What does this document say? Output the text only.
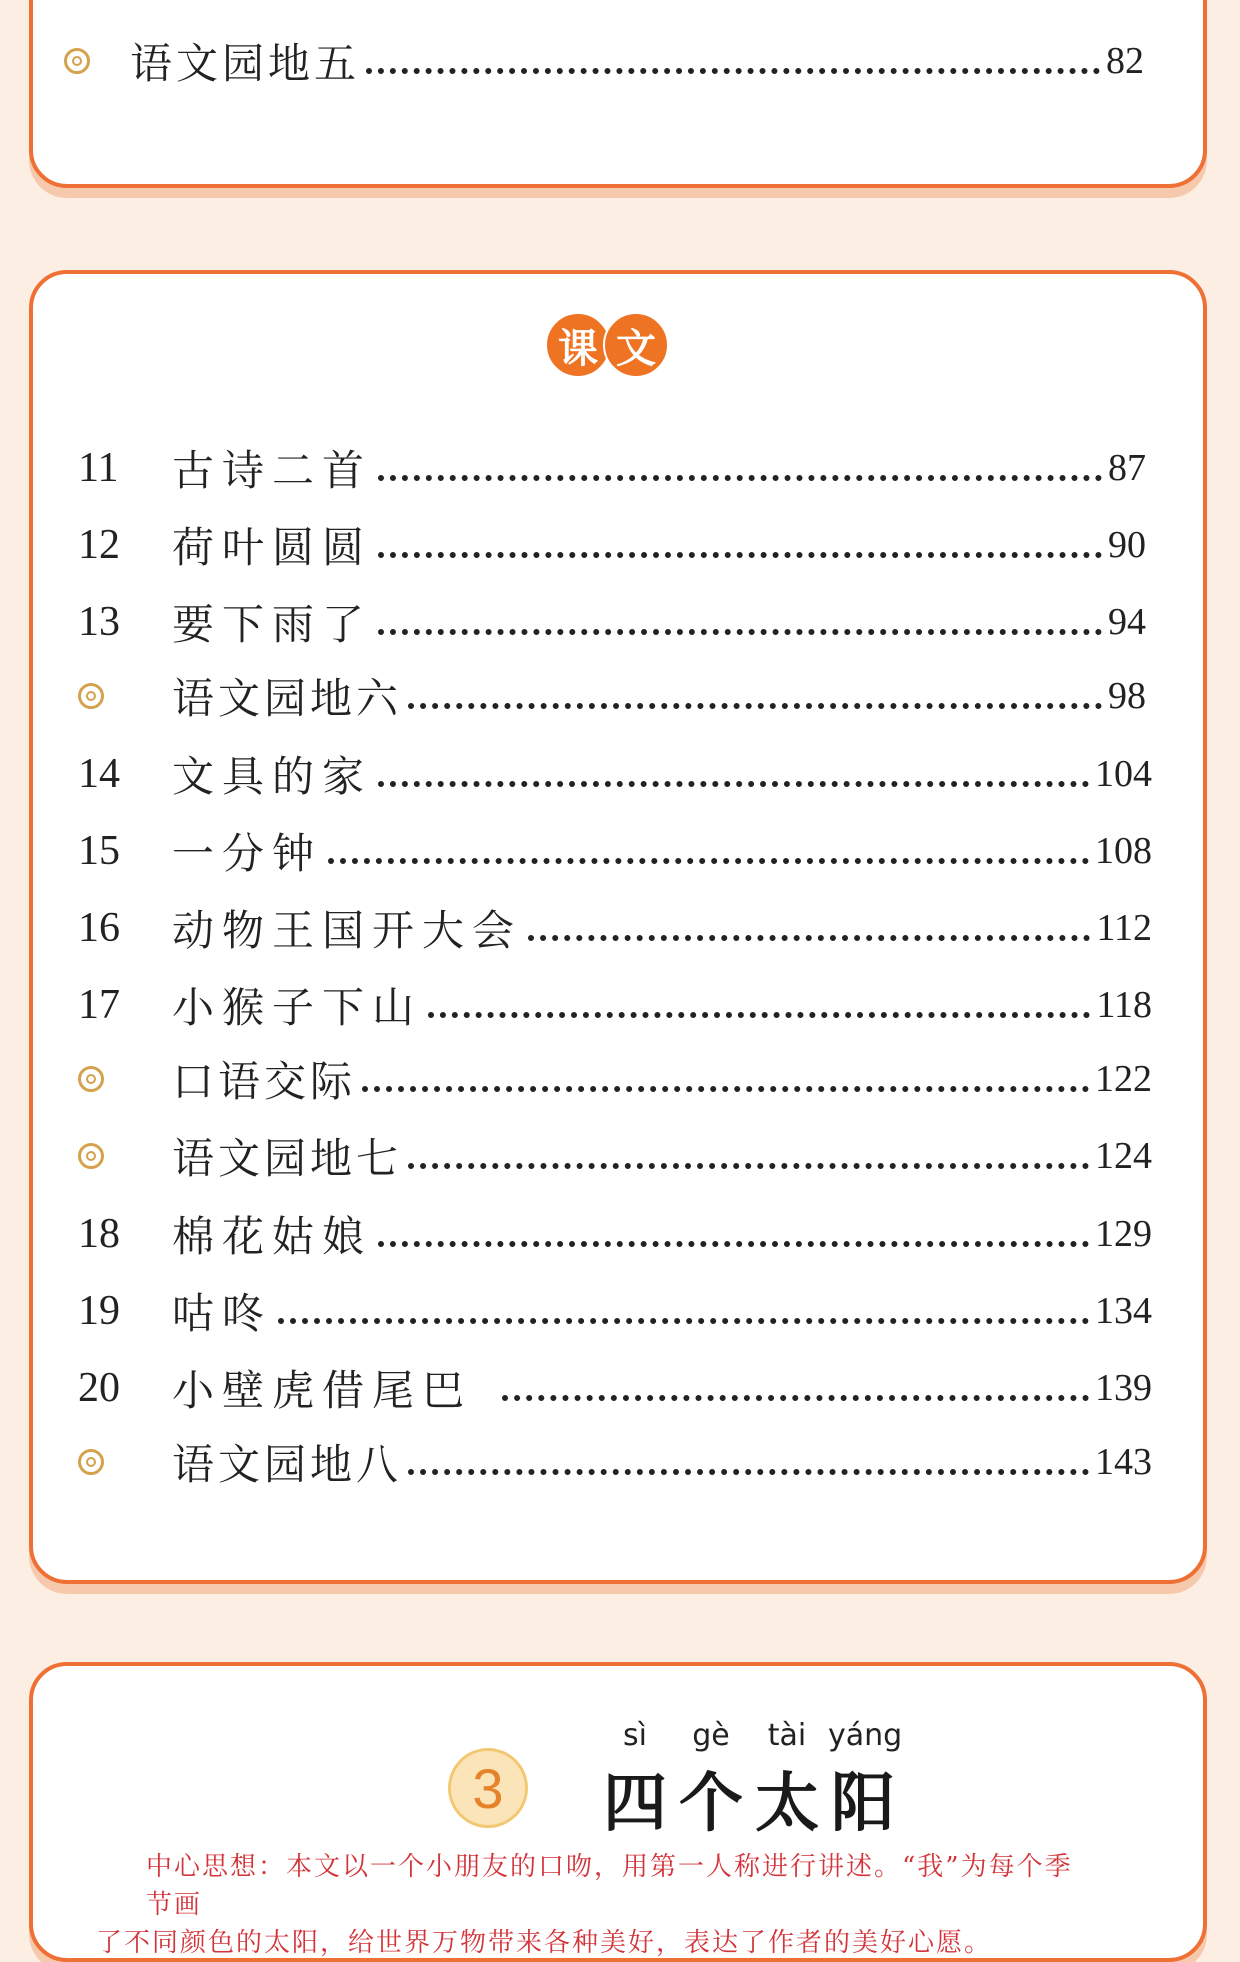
语文园地五	82
课 文
11	古诗二首	87
12	荷叶圆圆	90
13	要下雨了	94
语文园地六	98
14	文具的家	104
15	一分钟	108
16	动物王国开大会	112
17	小猴子下山	118
口语交际	122
语文园地七	124
18	棉花姑娘	129
19	咕咚	134
20	小壁虎借尾巴	139
语文园地八	143
3
sì	gè	tài yáng
四 个 太 阳

中心思想：本文以一个小朋友的口吻，用第一人称进行讲述。“我”为每个季节画
了不同颜色的太阳，给世界万物带来各种美好，表达了作者的美好心愿。
